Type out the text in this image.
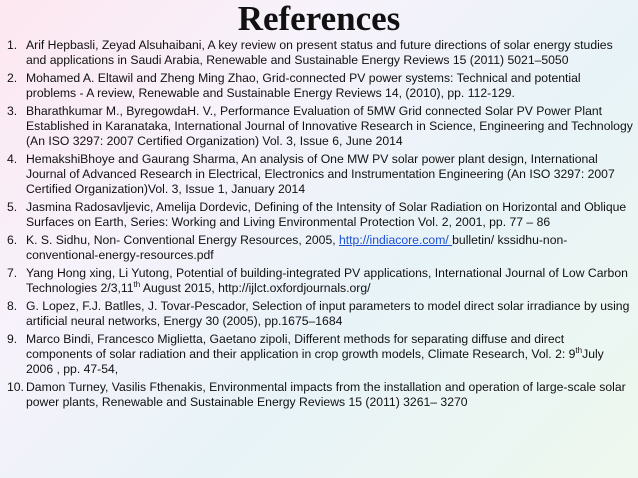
References
1. Arif Hepbasli, Zeyad Alsuhaibani, A key review on present status and future directions of solar energy studies and applications in Saudi Arabia, Renewable and Sustainable Energy Reviews 15 (2011) 5021–5050
2. Mohamed A. Eltawil and Zheng Ming Zhao, Grid-connected PV power systems: Technical and potential problems - A review, Renewable and Sustainable Energy Reviews 14, (2010), pp. 112-129.
3. Bharathkumar M., ByregowdaH. V., Performance Evaluation of 5MW Grid connected Solar PV Power Plant Established in Karanataka, International Journal of Innovative Research in Science, Engineering and Technology (An ISO 3297: 2007 Certified Organization) Vol. 3, Issue 6, June 2014
4. HemakshiBhoye and Gaurang Sharma, An analysis of One MW PV solar power plant design, International Journal of Advanced Research in Electrical, Electronics and Instrumentation Engineering (An ISO 3297: 2007 Certified Organization)Vol. 3, Issue 1, January 2014
5. Jasmina Radosavljevic, Amelija Dordevic, Defining of the Intensity of Solar Radiation on Horizontal and Oblique Surfaces on Earth, Series: Working and Living Environmental Protection Vol. 2, 2001, pp. 77 – 86
6. K. S. Sidhu, Non- Conventional Energy Resources, 2005, http://indiacore.com/ bulletin/ kssidhu-non-conventional-energy-resources.pdf
7. Yang Hong xing, Li Yutong, Potential of building-integrated PV applications, International Journal of Low Carbon Technologies 2/3,11th August 2015, http://ijlct.oxfordjournals.org/
8. G. Lopez, F.J. Batlles, J. Tovar-Pescador, Selection of input parameters to model direct solar irradiance by using artificial neural networks, Energy 30 (2005), pp.1675–1684
9. Marco Bindi, Francesco Miglietta, Gaetano zipoli, Different methods for separating diffuse and direct components of solar radiation and their application in crop growth models, Climate Research, Vol. 2: 9thJuly 2006 , pp. 47-54,
10. Damon Turney, Vasilis Fthenakis, Environmental impacts from the installation and operation of large-scale solar power plants, Renewable and Sustainable Energy Reviews 15 (2011) 3261– 3270
